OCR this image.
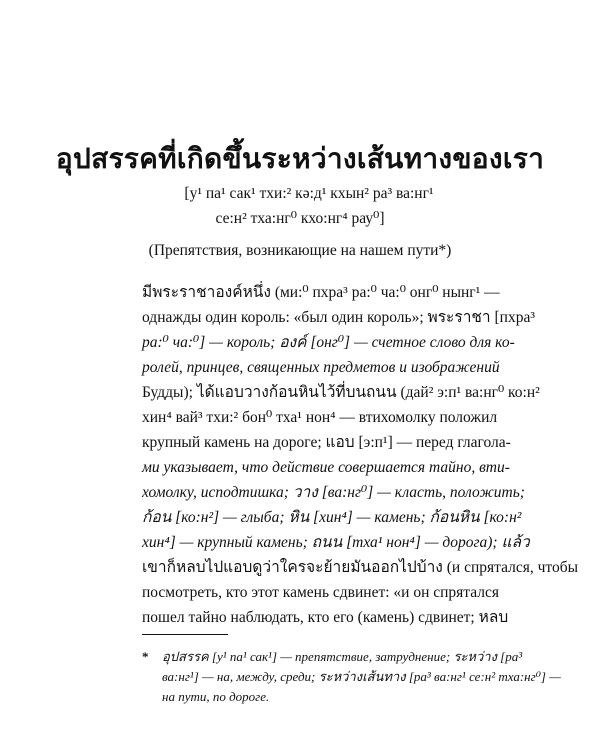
อุปสรรคที่เกิดขึ้นระหว่างเส้นทางของเรา
[у¹ па¹ сак¹ тхи:² кә:д¹ кхын² ра³ ва:нг¹
се:н² тха:нг⁰ кхо:нг⁴ рау⁰]
(Препятствия, возникающие на нашем пути*)
มีพระราชาองค์หนึ่ง (ми:⁰ пхра³ ра:⁰ ча:⁰ онг⁰ нынг¹ —
однажды один король: «был один король»; พระราชา [пхра³
ра:⁰ ча:⁰] — король; องค์ [онг⁰] — счетное слово для ко-
ролей, принцев, священных предметов и изображений
Будды); ได้แอบวางก้อนหินไว้ที่บนถนน (дай² э:п¹ ва:нг⁰ ко:н²
хин⁴ вай³ тхи:² бон⁰ тха¹ нон⁴ — втихомолку положил
крупный камень на дороге; แอบ [э:п¹] — перед глагола-
ми указывает, что действие совершается тайно, вти-
хомолку, исподтишка; วาง [ва:нг⁰] — класть, положить;
ก้อน [ко:н²] — глыба; หิน [хин⁴] — камень; ก้อนหิน [ко:н²
хин⁴] — крупный камень; ถนน [тха¹ нон⁴] — дорога); แล้ว
เขาก็หลบไปแอบดูว่าใครจะย้ายมันออกไปบ้าง (и спрятался, чтобы
посмотреть, кто этот камень сдвинет: «и он спрятался
пошел тайно наблюдать, кто его (камень) сдвинет; หลบ
* อุปสรรค [у¹ па¹ сак¹] — препятствие, затруднение; ระหว่าง [ра³
ва:нг¹] — на, между, среди; ระหว่างเส้นทาง [ра³ ва:нг¹ се:н² тха:нг⁰] —
на пути, по дороге.
